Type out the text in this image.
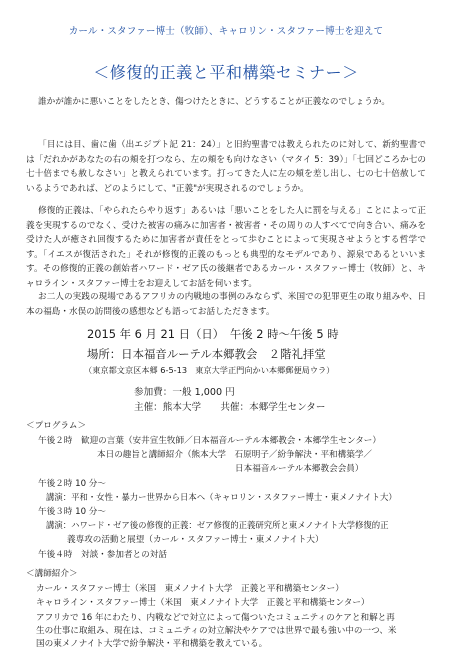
カール・スタファー博士（牧師）、キャロリン・スタファー博士を迎えて
＜修復的正義と平和構築セミナー＞

誰かが誰かに悪いことをしたとき、傷つけたときに、どうすることが正義なのでしょうか。

「目には目、歯に歯（出エジプト記 21：24）」と旧約聖書では教えられたのに対して、新約聖書では「だれかがあなたの右の頬を打つなら、左の頬をも向けなさい（マタイ 5：39）」「七回どころか七の七十倍までも赦しなさい」と教えられています。打ってきた人に左の頬を差し出し、七の七十倍赦しているようであれば、どのようにして、"正義"が実現されるのでしょうか。

修復的正義は、「やられたらやり返す」あるいは「悪いことをした人に罰を与える」ことによって正義を実現するのでなく、受けた被害の痛みに加害者・被害者・その周りの人すべてで向き合い、痛みを受けた人が癒され回復するために加害者が責任をとって歩むことによって実現させようとする哲学です。「イエスが復活された」それが修復的正義のもっとも典型的なモデルであり、源泉であるといいます。その修復的正義の創始者ハワード・ゼア氏の後継者であるカール・スタファー博士（牧師）と、キャロライン・スタファー博士をお迎えしてお話を伺います。

お二人の実践の現場であるアフリカの内戦地の事例のみならず、米国での犯罪更生の取り組みや、日本の福島・水俣の訪問後の感想なども語ってお話しただきます。

2015 年 6 月 21 日（日）　午後 2 時〜午後 5 時
場所：日本福音ルーテル本郷教会　２階礼拝堂
（東京都文京区本郷 6-5-13　東京大学正門向かい本郷郵便局ウラ）
参加費：一般 1,000 円
主催：熊本大学　　共催：本郷学生センター
＜プログラム＞
午後２時　歓迎の言葉（安井宣生牧師／日本福音ルーテル本郷教会・本郷学生センター）
本日の趣旨と講師紹介（熊本大学　石原明子／紛争解決・平和構築学／
日本福音ルーテル本郷教会会員）
午後２時 10 分〜
講演：平和・女性・暴力ー世界から日本へ（キャロリン・スタファー博士・東メノナイト大）
午後３時 10 分〜
講演：ハワード・ゼア後の修復的正義：ゼア修復的正義研究所と東メノナイト大学修復的正
義専攻の活動と展望（カール・スタファー博士・東メノナイト大）
午後４時　対談・参加者との対話
＜講師紹介＞
カール・スタファー博士（米国　東メノナイト大学　正義と平和構築センター）
キャロライン・スタファー博士（米国　東メノナイト大学　正義と平和構築センター）
アフリカで 16 年にわたり、内戦などで対立によって傷ついたコミュニティのケアと和解と再
生の仕事に取組み、現在は、コミュニティの対立解決やケアでは世界で最も強い中の一つ、米
国の東メノナイト大学で紛争解決・平和構築を教えている。
